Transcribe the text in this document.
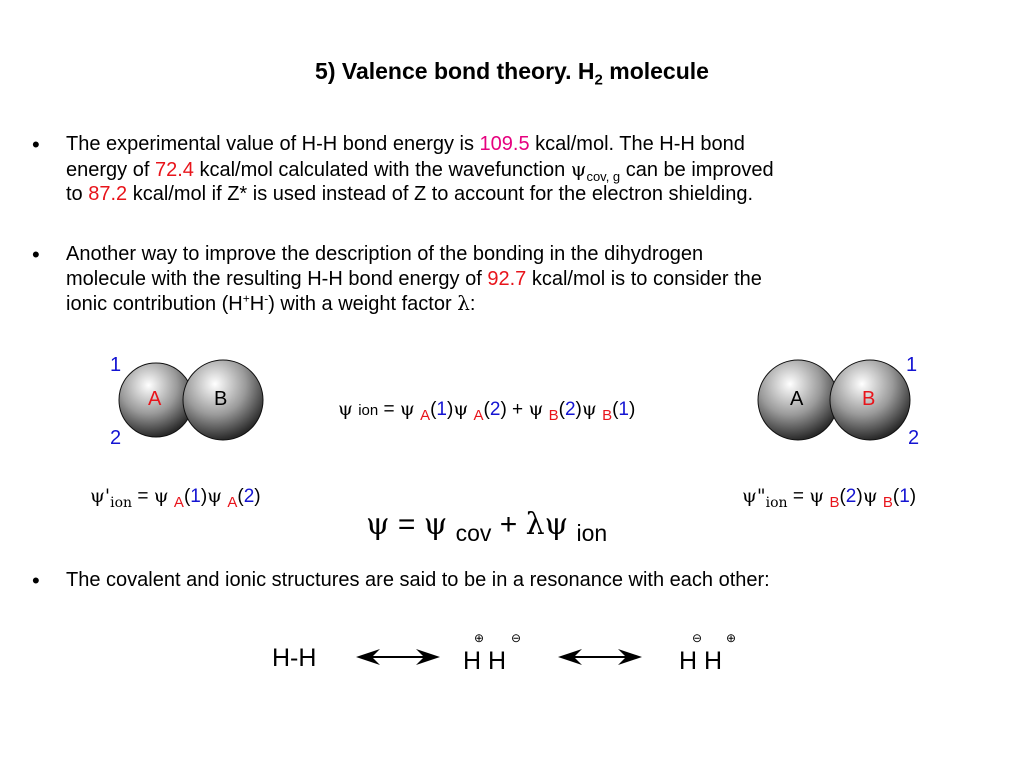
5) Valence bond theory. $H_2$ molecule
• The experimental value of H-H bond energy is 109.5 kcal/mol. The H-H bond
energy of 72.4 kcal/mol calculated with the wavefunction $\psi_{cov, g}$ can be improved
to 87.2 kcal/mol if Z* is used instead of Z to account for the electron shielding.
• Another way to improve the description of the bonding in the dihydrogen
molecule with the resulting H-H bond energy of 92.7 kcal/mol is to consider the
ionic contribution (H+H-) with a weight factor λ:
1
2
A	B
1
2
A	B
ψ ion = ψ $_A$(1)ψ $_A$(2) + ψ $_B$(2)ψ $_B$(1)
$\psi'_{ion} = \psi$ $_A$(1)ψ $_A$(2)	$\psi"_{ion} = \psi$ $_B$(2)ψ $_B$(1)
ψ = ψ $_{cov}$ + λψ $_{ion}$
• The covalent and ionic structures are said to be in a resonance with each other:
H-H	H H
⊕ ⊖
H H
⊖ ⊕
